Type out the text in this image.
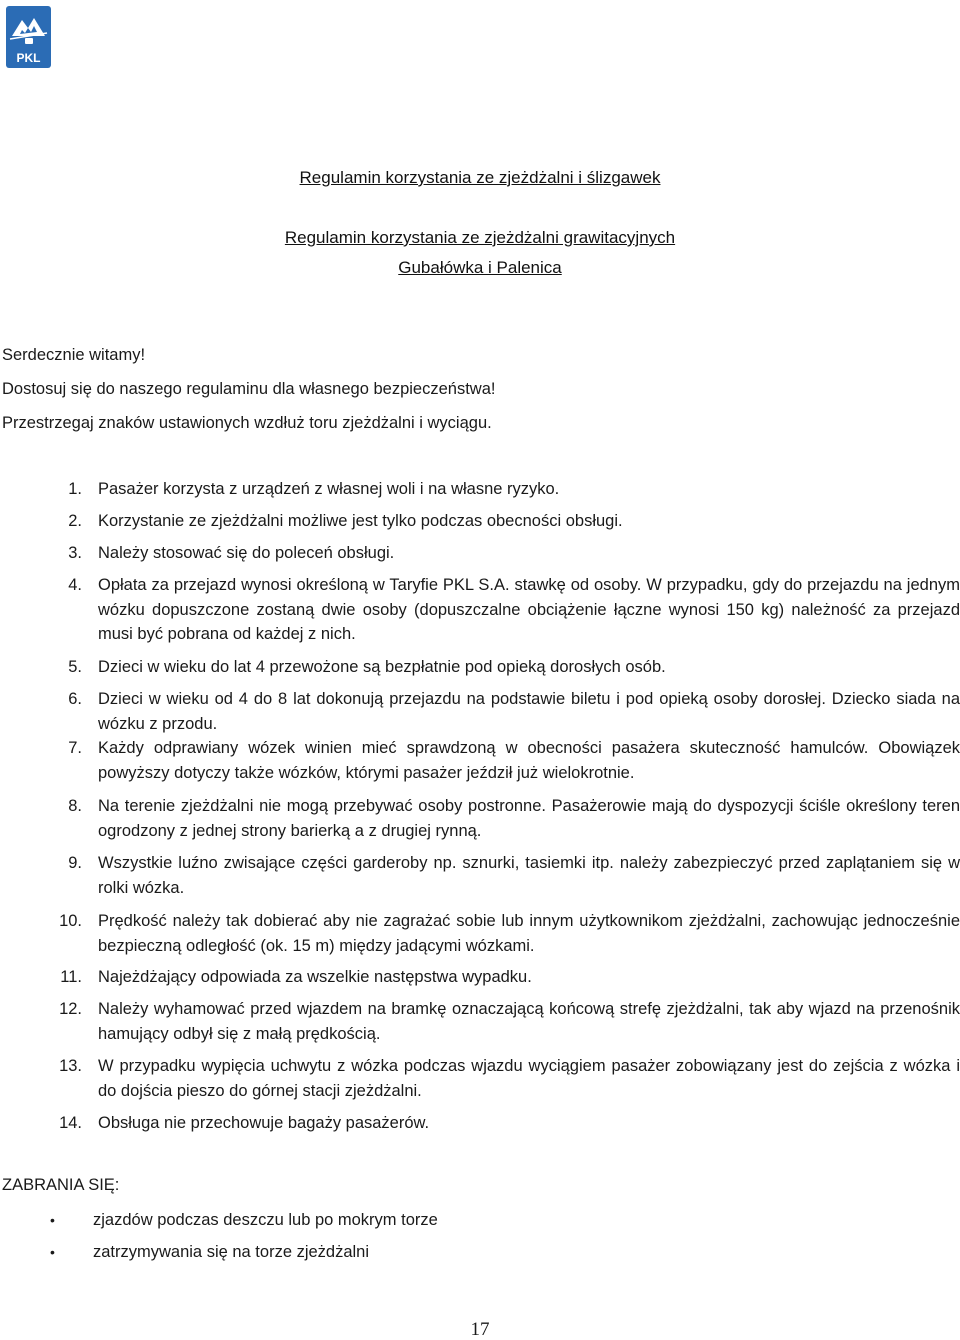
PKL
Regulamin korzystania ze zjeżdżalni i ślizgawek
Regulamin korzystania ze zjeżdżalni grawitacyjnych
Gubałówka i Palenica

Serdecznie witamy!

Dostosuj się do naszego regulaminu dla własnego bezpieczeństwa!

Przestrzegaj znaków ustawionych wzdłuż toru zjeżdżalni i wyciągu.

1. Pasażer korzysta z urządzeń z własnej woli i na własne ryzyko.
2. Korzystanie ze zjeżdżalni możliwe jest tylko podczas obecności obsługi.
3. Należy stosować się do poleceń obsługi.
4. Opłata za przejazd wynosi określoną w Taryfie PKL S.A. stawkę od osoby. W przypadku, gdy do przejazdu na jednym wózku dopuszczone zostaną dwie osoby (dopuszczalne obciążenie łączne wynosi 150 kg) należność za przejazd musi być pobrana od każdej z nich.
5. Dzieci w wieku do lat 4 przewożone są bezpłatnie pod opieką dorosłych osób.
6. Dzieci w wieku od 4 do 8 lat dokonują przejazdu na podstawie biletu i pod opieką osoby dorosłej. Dziecko siada na wózku z przodu.
7. Każdy odprawiany wózek winien mieć sprawdzoną w obecności pasażera skuteczność hamulców. Obowiązek powyższy dotyczy także wózków, którymi pasażer jeździł już wielokrotnie.
8. Na terenie zjeżdżalni nie mogą przebywać osoby postronne. Pasażerowie mają do dyspozycji ściśle określony teren ogrodzony z jednej strony barierką a z drugiej rynną.
9. Wszystkie luźno zwisające części garderoby np. sznurki, tasiemki itp. należy zabezpieczyć przed zaplątaniem się w rolki wózka.
10. Prędkość należy tak dobierać aby nie zagrażać sobie lub innym użytkownikom zjeżdżalni, zachowując jednocześnie bezpieczną odległość (ok. 15 m) między jadącymi wózkami.
11. Najeżdżający odpowiada za wszelkie następstwa wypadku.
12. Należy wyhamować przed wjazdem na bramkę oznaczającą końcową strefę zjeżdżalni, tak aby wjazd na przenośnik hamujący odbył się z małą prędkością.
13. W przypadku wypięcia uchwytu z wózka podczas wjazdu wyciągiem pasażer zobowiązany jest do zejścia z wózka i do dojścia pieszo do górnej stacji zjeżdżalni.
14. Obsługa nie przechowuje bagaży pasażerów.
ZABRANIA SIĘ:
•	zjazdów podczas deszczu lub po mokrym torze
•	zatrzymywania się na torze zjeżdżalni
17
